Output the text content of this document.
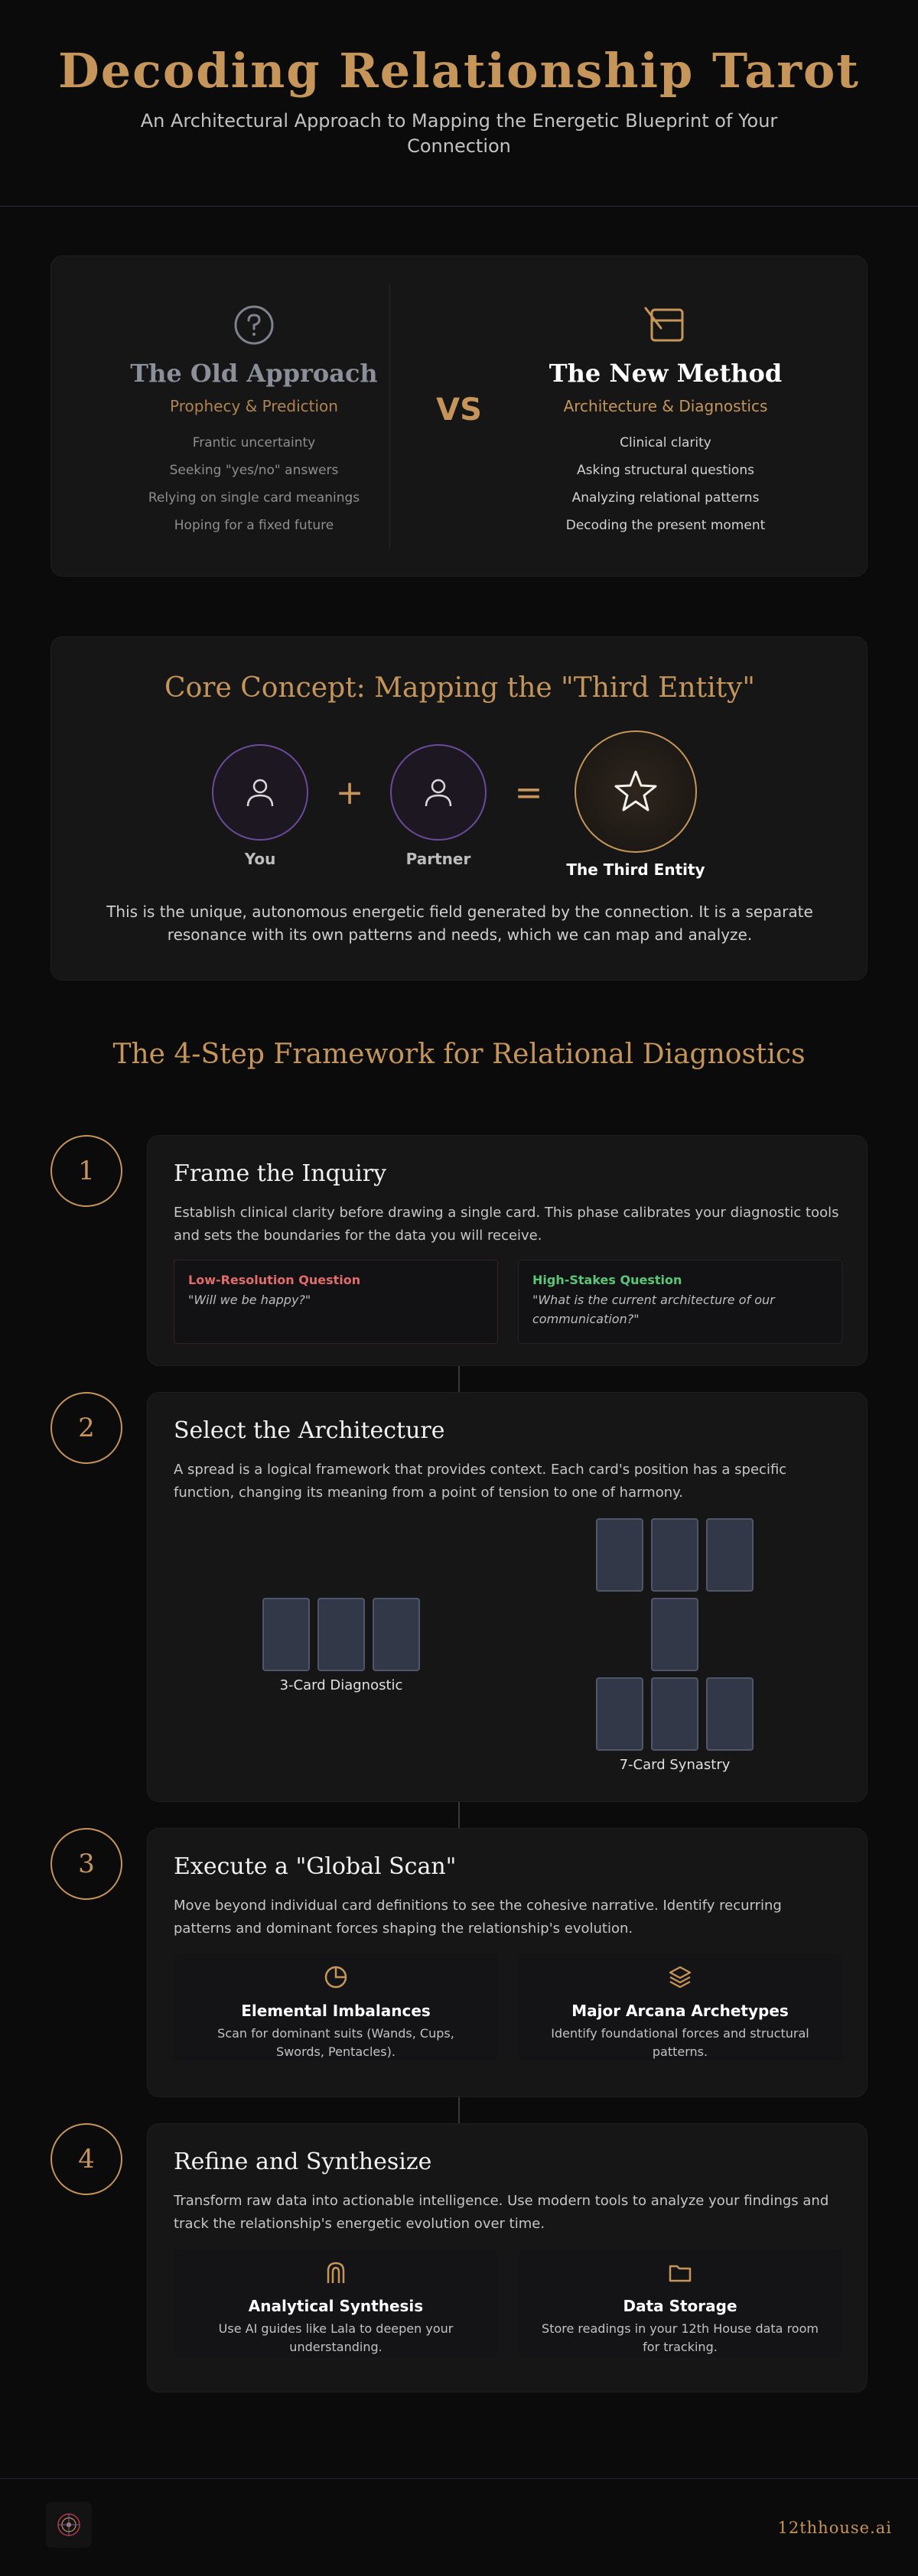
Decoding Relationship Tarot
An Architectural Approach to Mapping the Energetic Blueprint of Your Connection
The Old Approach
Prophecy & Prediction
Frantic uncertainty
Seeking "yes/no" answers
Relying on single card meanings
Hoping for a fixed future
VS
The New Method
Architecture & Diagnostics
Clinical clarity
Asking structural questions
Analyzing relational patterns
Decoding the present moment
Core Concept: Mapping the "Third Entity"
+	=
You	Partner
The Third Entity
This is the unique, autonomous energetic field generated by the connection. It is a separate resonance with its own patterns and needs, which we can map and analyze.
The 4-Step Framework for Relational Diagnostics
1	Frame the Inquiry
Establish clinical clarity before drawing a single card. This phase calibrates your diagnostic tools and sets the boundaries for the data you will receive.
Low-Resolution Question
"Will we be happy?"
High-Stakes Question
"What is the current architecture of our communication?"
2	Select the Architecture
A spread is a logical framework that provides context. Each card's position has a specific function, changing its meaning from a point of tension to one of harmony.
3-Card Diagnostic
7-Card Synastry
3	Execute a "Global Scan"
Move beyond individual card definitions to see the cohesive narrative. Identify recurring patterns and dominant forces shaping the relationship's evolution.
Elemental Imbalances
Scan for dominant suits (Wands, Cups, Swords, Pentacles).
Major Arcana Archetypes
Identify foundational forces and structural patterns.
4	Refine and Synthesize
Transform raw data into actionable intelligence. Use modern tools to analyze your findings and track the relationship's energetic evolution over time.
Analytical Synthesis
Use AI guides like Lala to deepen your understanding.
Data Storage
Store readings in your 12th House data room for tracking.
12thhouse.ai
